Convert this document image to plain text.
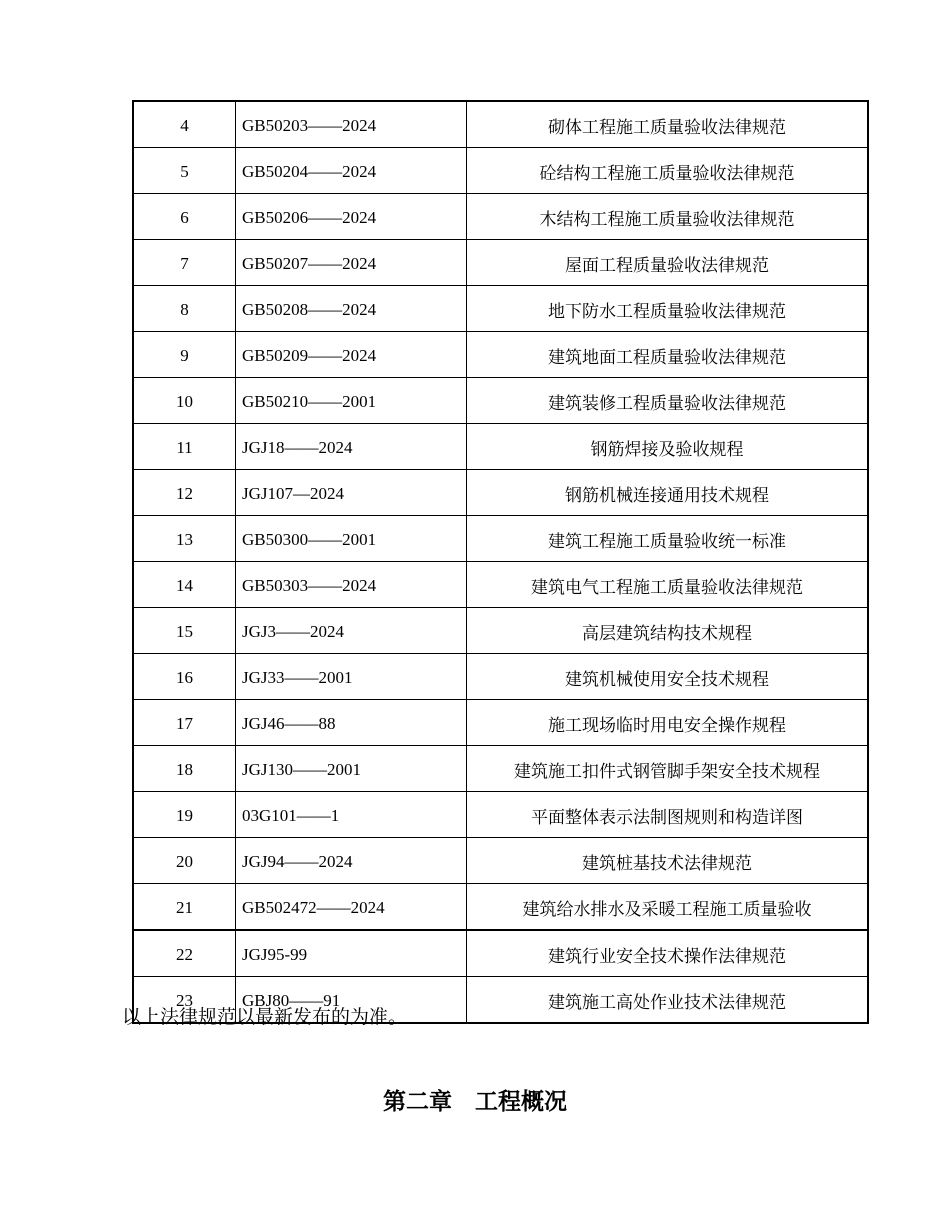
4	GB50203——2024	砌体工程施工质量验收法律规范
5	GB50204——2024	砼结构工程施工质量验收法律规范
6	GB50206——2024	木结构工程施工质量验收法律规范
7	GB50207——2024	屋面工程质量验收法律规范
8	GB50208——2024	地下防水工程质量验收法律规范
9	GB50209——2024	建筑地面工程质量验收法律规范
10	GB50210——2001	建筑装修工程质量验收法律规范
11	JGJ18——2024	钢筋焊接及验收规程
12	JGJ107—2024	钢筋机械连接通用技术规程
13	GB50300——2001	建筑工程施工质量验收统一标准
14	GB50303——2024	建筑电气工程施工质量验收法律规范
15	JGJ3——2024	高层建筑结构技术规程
16	JGJ33——2001	建筑机械使用安全技术规程
17	JGJ46——88	施工现场临时用电安全操作规程
18	JGJ130——2001	建筑施工扣件式钢管脚手架安全技术规程
19	03G101——1	平面整体表示法制图规则和构造详图
20	JGJ94——2024	建筑桩基技术法律规范
21	GB502472——2024	建筑给水排水及采暖工程施工质量验收
22	JGJ95-99	建筑行业安全技术操作法律规范
23	GBJ80——91	建筑施工高处作业技术法律规范
以上法律规范以最新发布的为准。
第二章　工程概况
